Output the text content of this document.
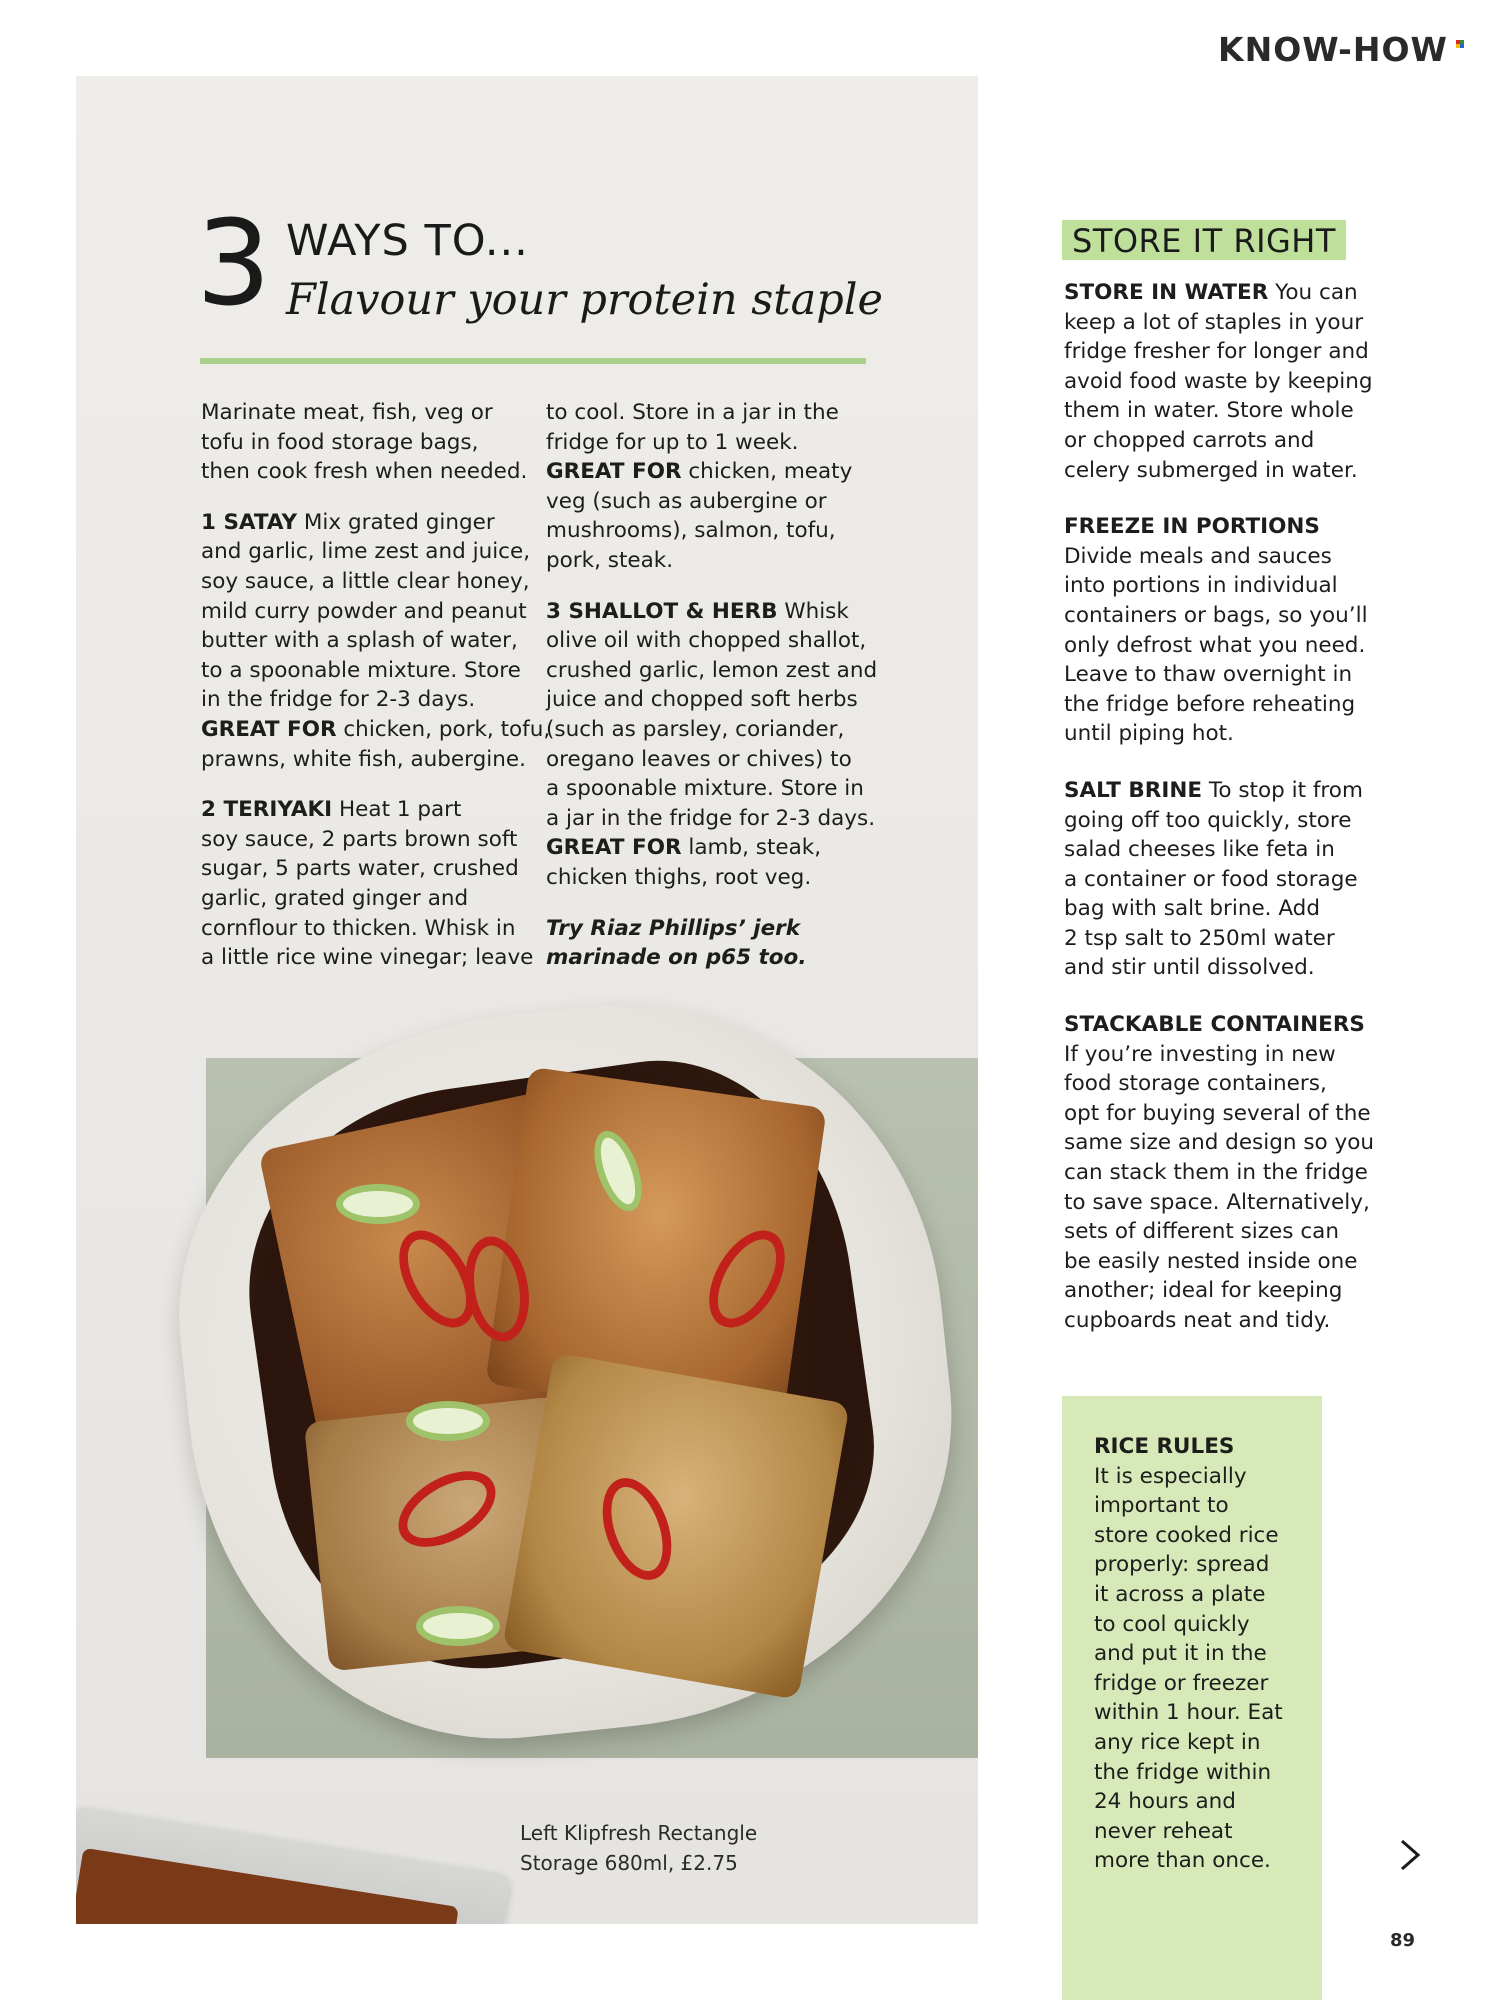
KNOW-HOW
Left Klipfresh Rectangle
Storage 680ml, £2.75
3 WAYS TO...
Flavour your protein staple

Marinate meat, fish, veg or
tofu in food storage bags,
then cook fresh when needed.

1 SATAY Mix grated ginger
and garlic, lime zest and juice,
soy sauce, a little clear honey,
mild curry powder and peanut
butter with a splash of water,
to a spoonable mixture. Store
in the fridge for 2-3 days.
GREAT FOR chicken, pork, tofu,
prawns, white fish, aubergine.

2 TERIYAKI Heat 1 part
soy sauce, 2 parts brown soft
sugar, 5 parts water, crushed
garlic, grated ginger and
cornflour to thicken. Whisk in
a little rice wine vinegar; leave

to cool. Store in a jar in the
fridge for up to 1 week.
GREAT FOR chicken, meaty
veg (such as aubergine or
mushrooms), salmon, tofu,
pork, steak.

3 SHALLOT & HERB Whisk
olive oil with chopped shallot,
crushed garlic, lemon zest and
juice and chopped soft herbs
(such as parsley, coriander,
oregano leaves or chives) to
a spoonable mixture. Store in
a jar in the fridge for 2-3 days.
GREAT FOR lamb, steak,
chicken thighs, root veg.

Try Riaz Phillips’ jerk
marinade on p65 too.

STORE IT RIGHT

STORE IN WATER You can
keep a lot of staples in your
fridge fresher for longer and
avoid food waste by keeping
them in water. Store whole
or chopped carrots and
celery submerged in water.

FREEZE IN PORTIONS
Divide meals and sauces
into portions in individual
containers or bags, so you’ll
only defrost what you need.
Leave to thaw overnight in
the fridge before reheating
until piping hot.

SALT BRINE To stop it from
going off too quickly, store
salad cheeses like feta in
a container or food storage
bag with salt brine. Add
2 tsp salt to 250ml water
and stir until dissolved.

STACKABLE CONTAINERS
If you’re investing in new
food storage containers,
opt for buying several of the
same size and design so you
can stack them in the fridge
to save space. Alternatively,
sets of different sizes can
be easily nested inside one
another; ideal for keeping
cupboards neat and tidy.

RICE RULES
It is especially
important to
store cooked rice
properly: spread
it across a plate
to cool quickly
and put it in the
fridge or freezer
within 1 hour. Eat
any rice kept in
the fridge within
24 hours and
never reheat
more than once.

89
